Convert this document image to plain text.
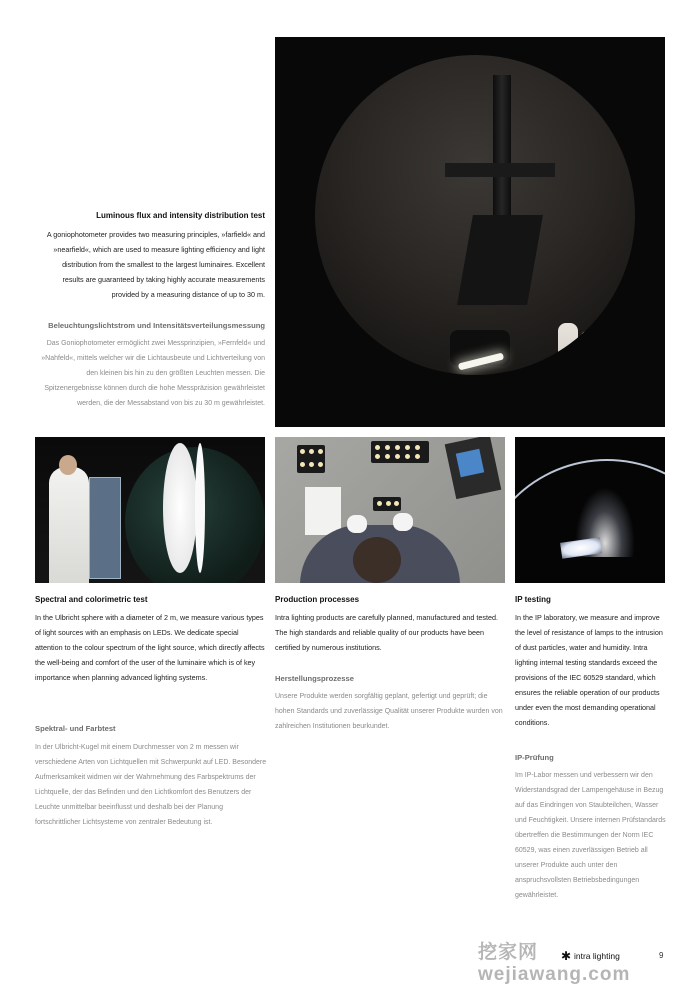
Luminous flux and intensity distribution test
A goniophotometer provides two measuring principles, »farfield« and »nearfield«, which are used to measure lighting efficiency and light distribution from the smallest to the largest luminaires. Excellent results are guaranteed by taking highly accurate measurements provided by a measuring distance of up to 30 m.
Beleuchtungslichtstrom und Intensitätsverteilungsmessung
Das Goniophotometer ermöglicht zwei Messprinzipien, »Fernfeld« und »Nahfeld«, mittels welcher wir die Lichtausbeute und Lichtverteilung von den kleinen bis hin zu den größten Leuchten messen. Die Spitzenergebnisse können durch die hohe Messpräzision gewährleistet werden, die der Messabstand von bis zu 30 m gewährleistet.
Spectral and colorimetric test
In the Ulbricht sphere with a diameter of 2 m, we measure various types of light sources with an emphasis on LEDs. We dedicate special attention to the colour spectrum of the light source, which directly affects the well-being and comfort of the user of the luminaire which is of key importance when planning advanced lighting systems.
Spektral- und Farbtest
In der Ulbricht-Kugel mit einem Durchmesser von 2 m messen wir verschiedene Arten von Lichtquellen mit Schwerpunkt auf LED. Besondere Aufmerksamkeit widmen wir der Wahrnehmung des Farbspektrums der Lichtquelle, der das Befinden und den Lichtkomfort des Benutzers der Leuchte unmittelbar beeinflusst und deshalb bei der Planung fortschrittlicher Lichtsysteme von zentraler Bedeutung ist.
Production processes
Intra lighting products are carefully planned, manufactured and tested. The high standards and reliable quality of our products have been certified by numerous institutions.
Herstellungsprozesse
Unsere Produkte werden sorgfältig geplant, gefertigt und geprüft; die hohen Standards und zuverlässige Qualität unserer Produkte wurden von zahlreichen Institutionen beurkundet.
IP testing
In the IP laboratory, we measure and improve the level of resistance of lamps to the intrusion of dust particles, water and humidity. Intra lighting internal testing standards exceed the provisions of the IEC 60529 standard, which ensures the reliable operation of our products under even the most demanding operational conditions.
IP-Prüfung
Im IP-Labor messen und verbessern wir den Widerstandsgrad der Lampengehäuse in Bezug auf das Eindringen von Staubteilchen, Wasser und Feuchtigkeit. Unsere internen Prüfstandards übertreffen die Bestimmungen der Norm IEC 60529, was einen zuverlässigen Betrieb all unserer Produkte auch unter den anspruchsvollsten Betriebsbedingungen gewährleistet.
挖家网 wejiawang.com
✱ intra lighting	9
